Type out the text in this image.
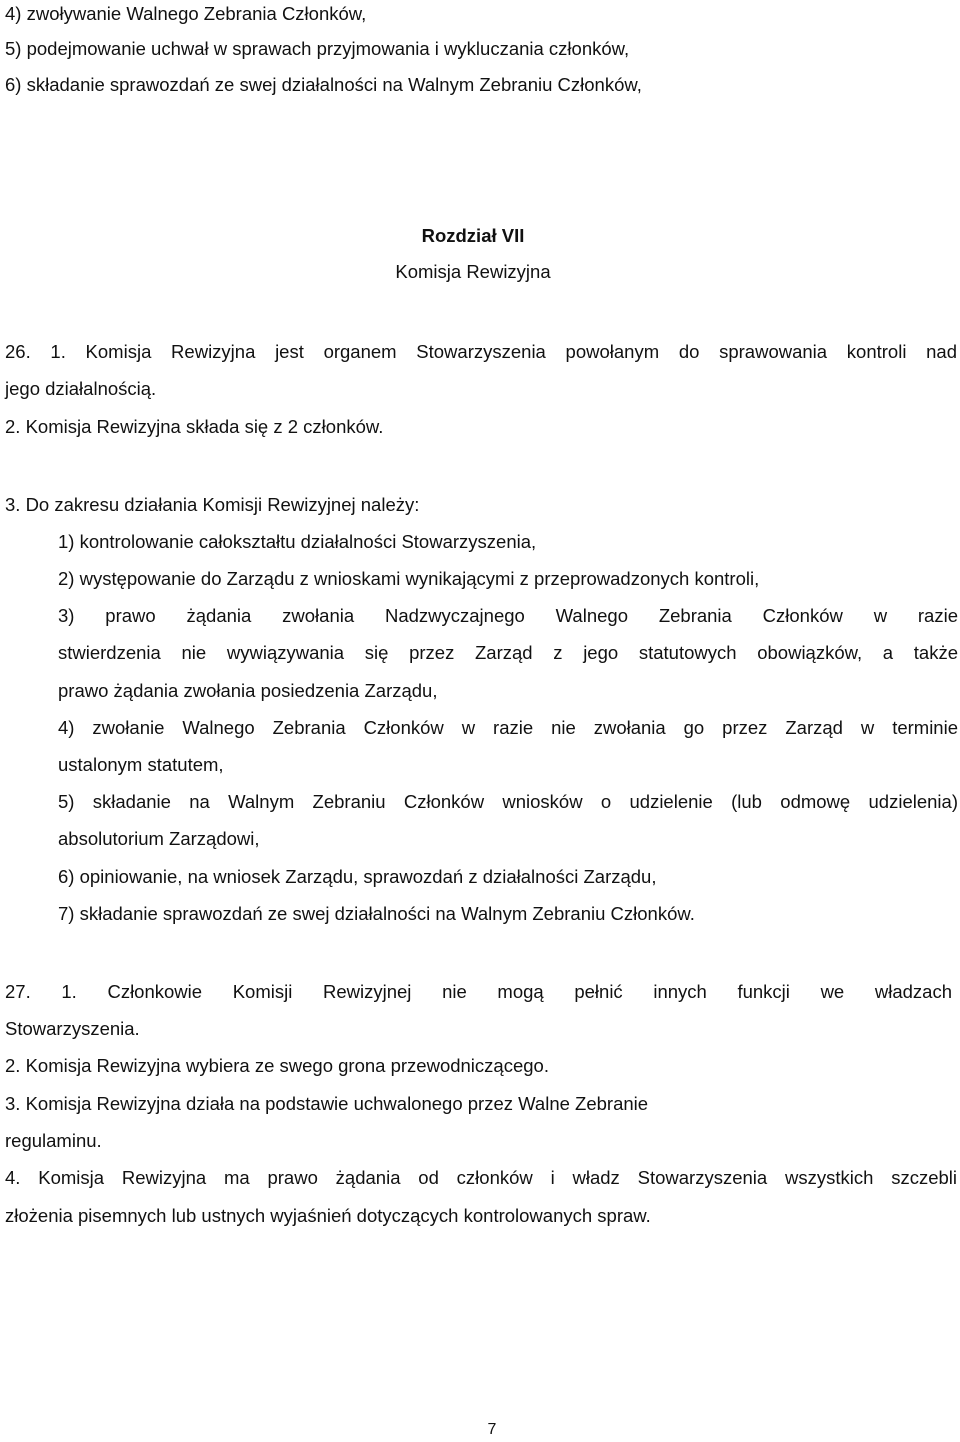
4) zwoływanie Walnego Zebrania Członków,
5) podejmowanie uchwał w sprawach przyjmowania i wykluczania członków,
6) składanie sprawozdań ze swej działalności na Walnym Zebraniu Członków,
Rozdział VII
Komisja Rewizyjna
26. 1. Komisja Rewizyjna jest organem Stowarzyszenia powołanym do sprawowania kontroli nad
jego działalnością.
2. Komisja Rewizyjna składa się z 2 członków.
3. Do zakresu działania Komisji Rewizyjnej należy:
1) kontrolowanie całokształtu działalności Stowarzyszenia,
2) występowanie do Zarządu z wnioskami wynikającymi z przeprowadzonych kontroli,
3) prawo żądania zwołania Nadzwyczajnego Walnego Zebrania Członków w razie
stwierdzenia nie wywiązywania się przez Zarząd z jego statutowych obowiązków, a także
prawo żądania zwołania posiedzenia Zarządu,
4) zwołanie Walnego Zebrania Członków w razie nie zwołania go przez Zarząd w terminie
ustalonym statutem,
5) składanie na Walnym Zebraniu Członków wniosków o udzielenie (lub odmowę udzielenia)
absolutorium Zarządowi,
6) opiniowanie, na wniosek Zarządu, sprawozdań z działalności Zarządu,
7) składanie sprawozdań ze swej działalności na Walnym Zebraniu Członków.
27. 1. Członkowie Komisji Rewizyjnej nie mogą pełnić innych funkcji we władzach
Stowarzyszenia.
2. Komisja Rewizyjna wybiera ze swego grona przewodniczącego.
3. Komisja Rewizyjna działa na podstawie uchwalonego przez Walne Zebranie
regulaminu.
4. Komisja Rewizyjna ma prawo żądania od członków i władz Stowarzyszenia wszystkich szczebli
złożenia pisemnych lub ustnych wyjaśnień dotyczących kontrolowanych spraw.
7
